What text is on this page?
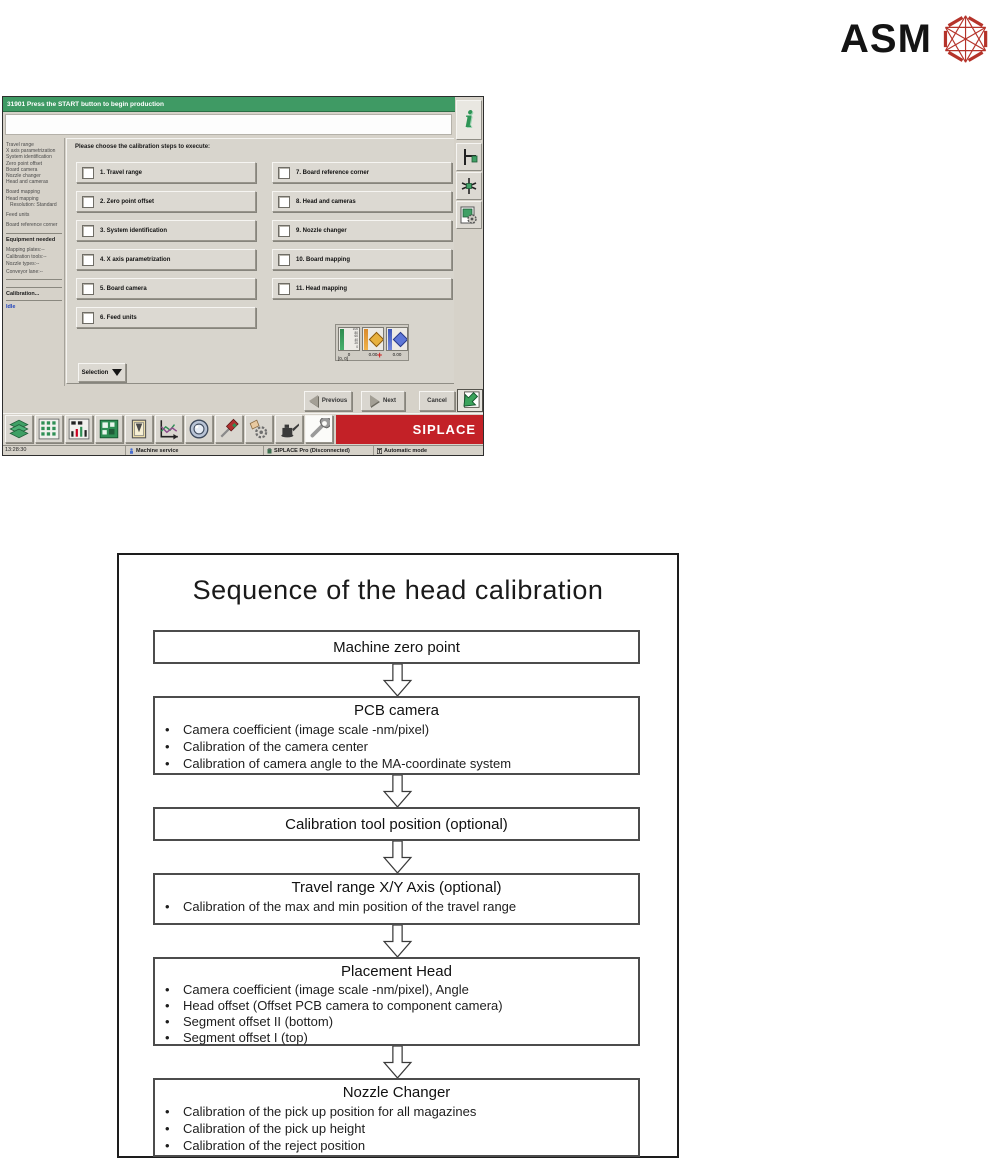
ASM
31901 Press the START button to begin production
i
Travel range
X axis parametrization
System identification
Zero point offset
Board camera
Nozzle changer
Head and cameras
Board mapping
Head mapping
Resolution: Standard
Feed units
Board reference corner
Equipment needed
Mapping plates:--
Calibration tools:--
Nozzle types:--
Conveyor lane:--
Calibration...
Idle
Please choose the calibration steps to execute:
1. Travel range
2. Zero point offset
3. System identification
4. X axis parametrization
5. Board camera
6. Feed units
7. Board reference corner
8. Head and cameras
9. Nozzle changer
10. Board mapping
11. Head mapping
100
80
60
40
20
0
0	0.00	0.00
[0, 0]	+
Selection
Previous	Next	Cancel
SIPLACE
13:28:30	Machine service	SIPLACE Pro (Disconnected)	Automatic mode
Sequence of the head calibration
Machine zero point
PCB camera
• Camera coefficient (image scale -nm/pixel)
• Calibration of the camera center
• Calibration of camera angle to the MA-coordinate system
Calibration tool position (optional)
Travel range X/Y Axis (optional)
• Calibration of the max and min position of the travel range
Placement Head
• Camera coefficient (image scale -nm/pixel), Angle
• Head offset (Offset PCB camera to component camera)
• Segment offset II (bottom)
• Segment offset I (top)
Nozzle Changer
• Calibration of the pick up position for all magazines
• Calibration of the pick up height
• Calibration of the reject position
